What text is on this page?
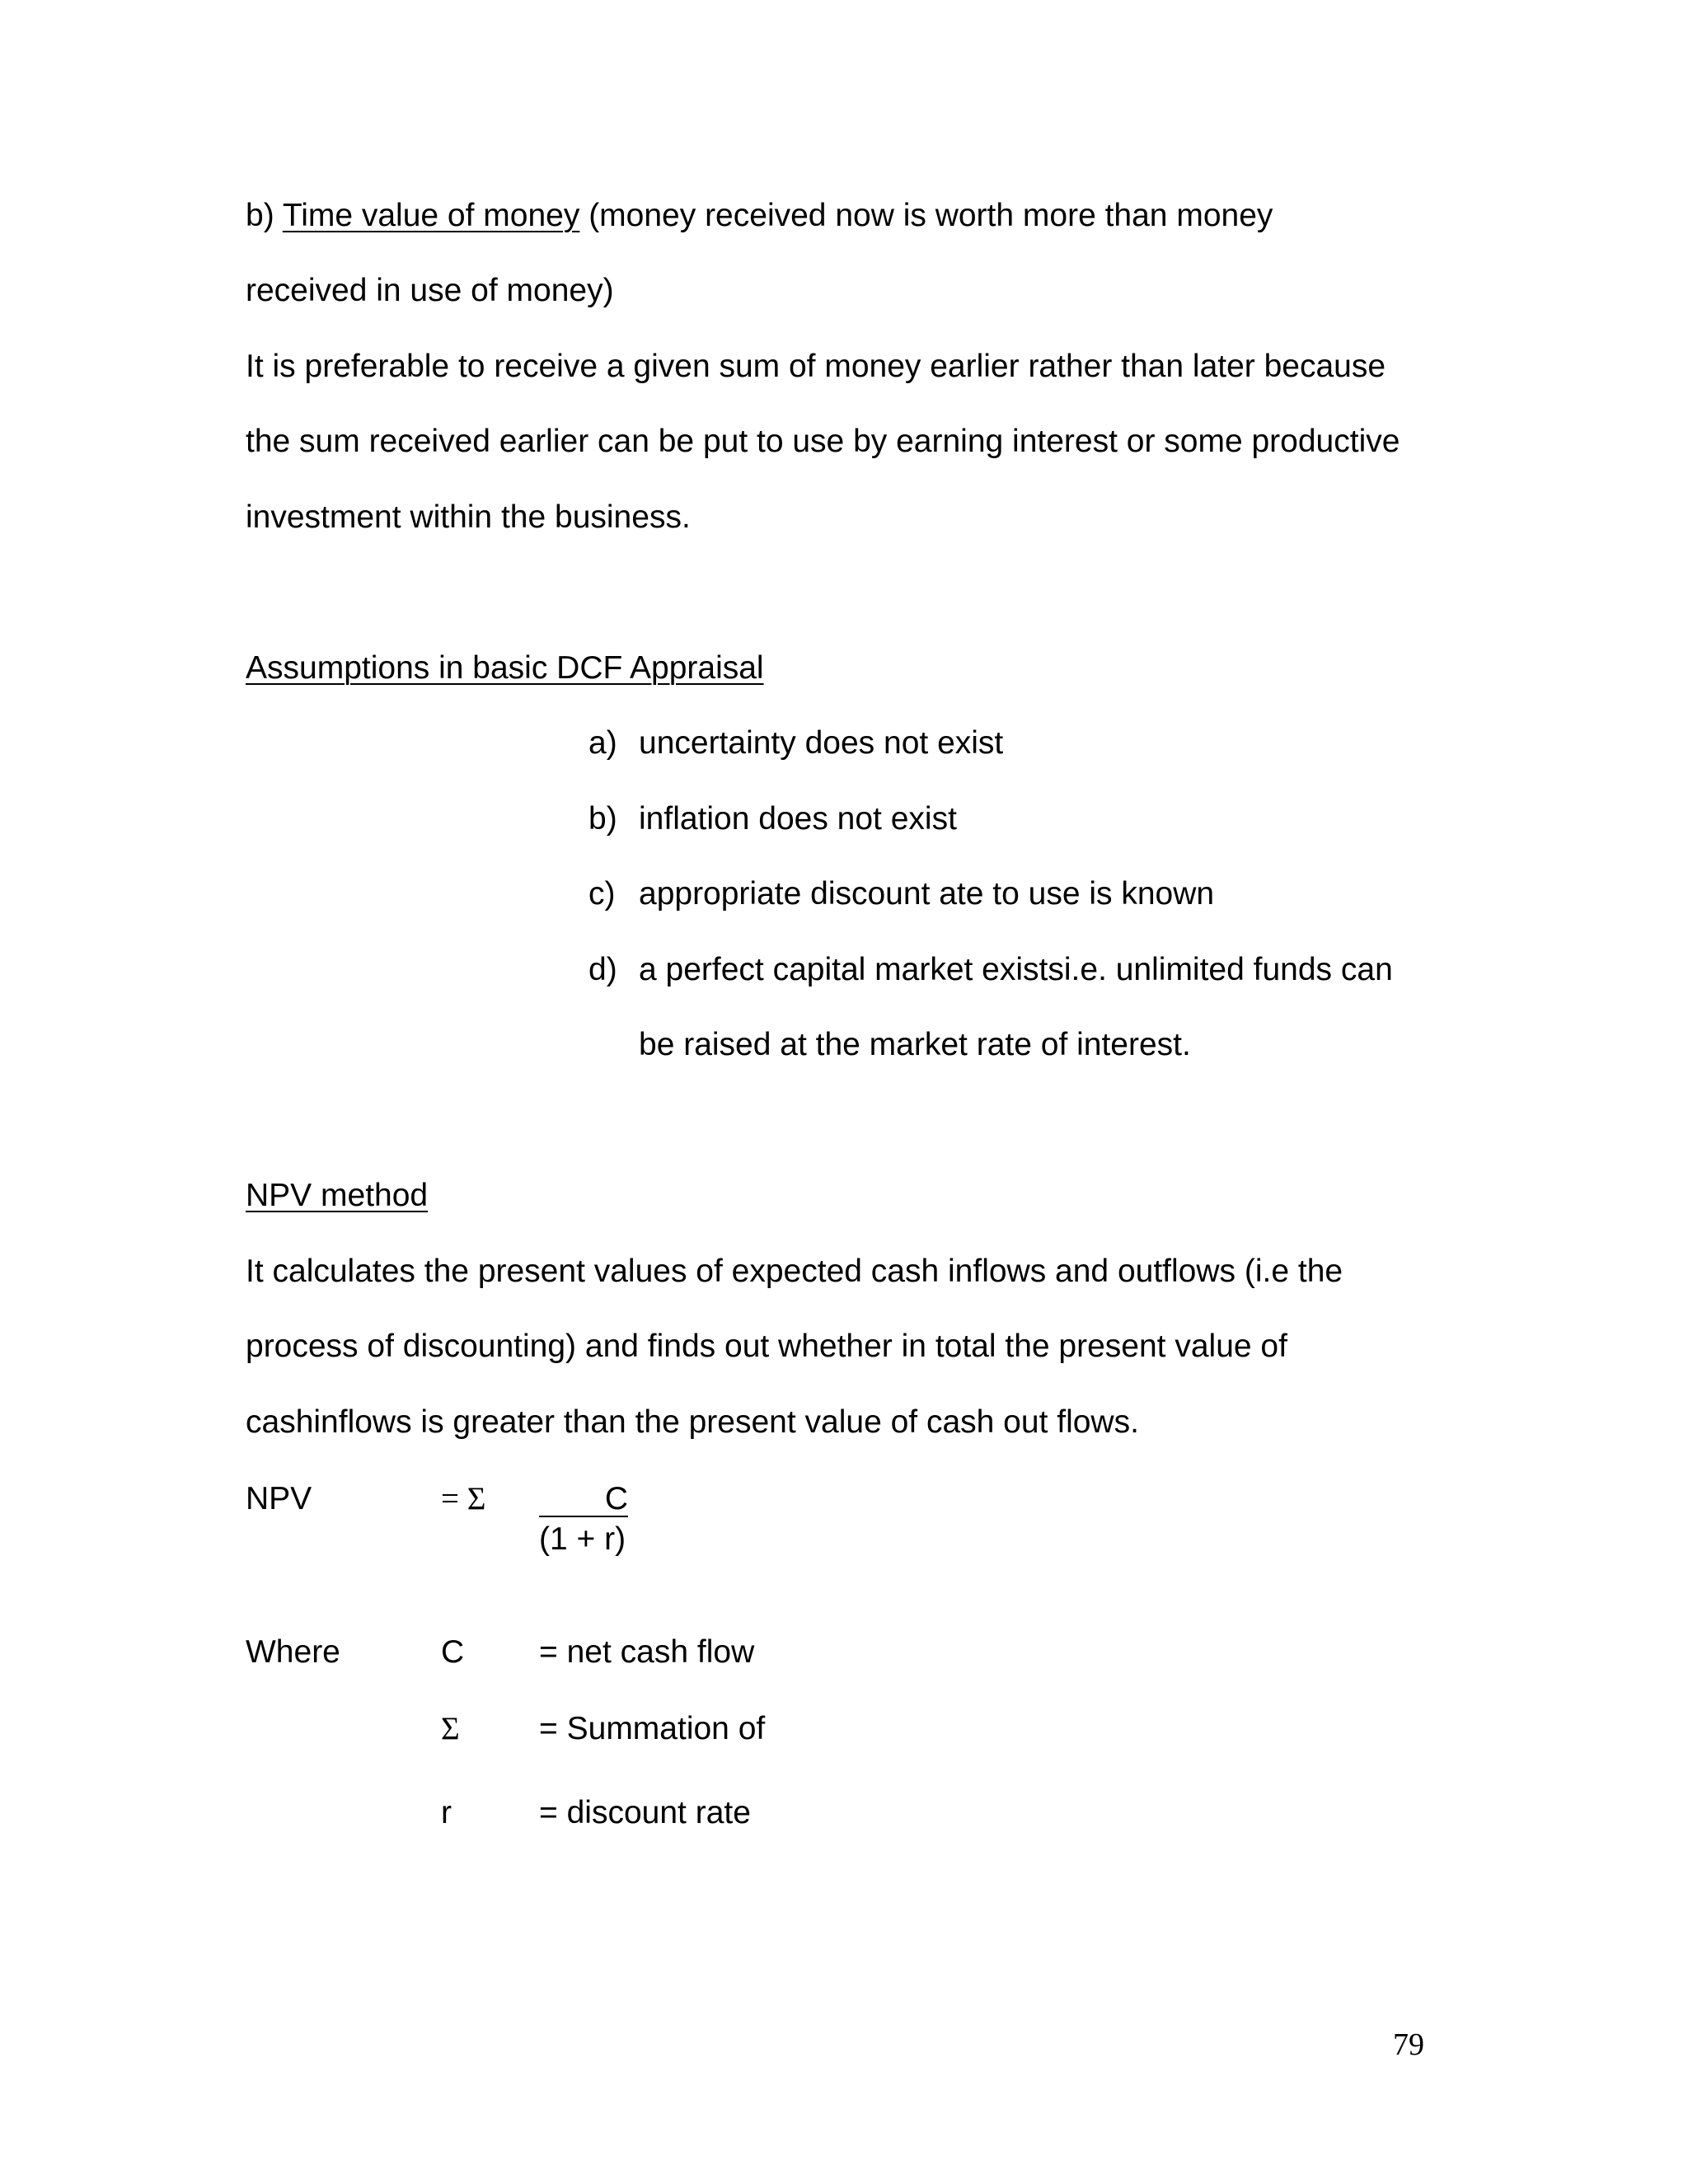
b) Time value of money (money received now is worth more than money
received in use of money)
It is preferable to receive a given sum of money earlier rather than later because
the sum received earlier can be put to use by earning interest or some productive
investment within the business.
Assumptions in basic DCF Appraisal
a) uncertainty does not exist
b) inflation does not exist
c) appropriate discount ate to use is known
d) a perfect capital market existsi.e. unlimited funds can
be raised at the market rate of interest.
NPV method
It calculates the present values of expected cash inflows and outflows (i.e the
process of discounting) and finds out whether in total the present value of
cashinflows is greater than the present value of cash out flows.
NPV	= Σ	C
(1 + r)
Where	C = net cash flow
Σ = Summation of
r	= discount rate
79
